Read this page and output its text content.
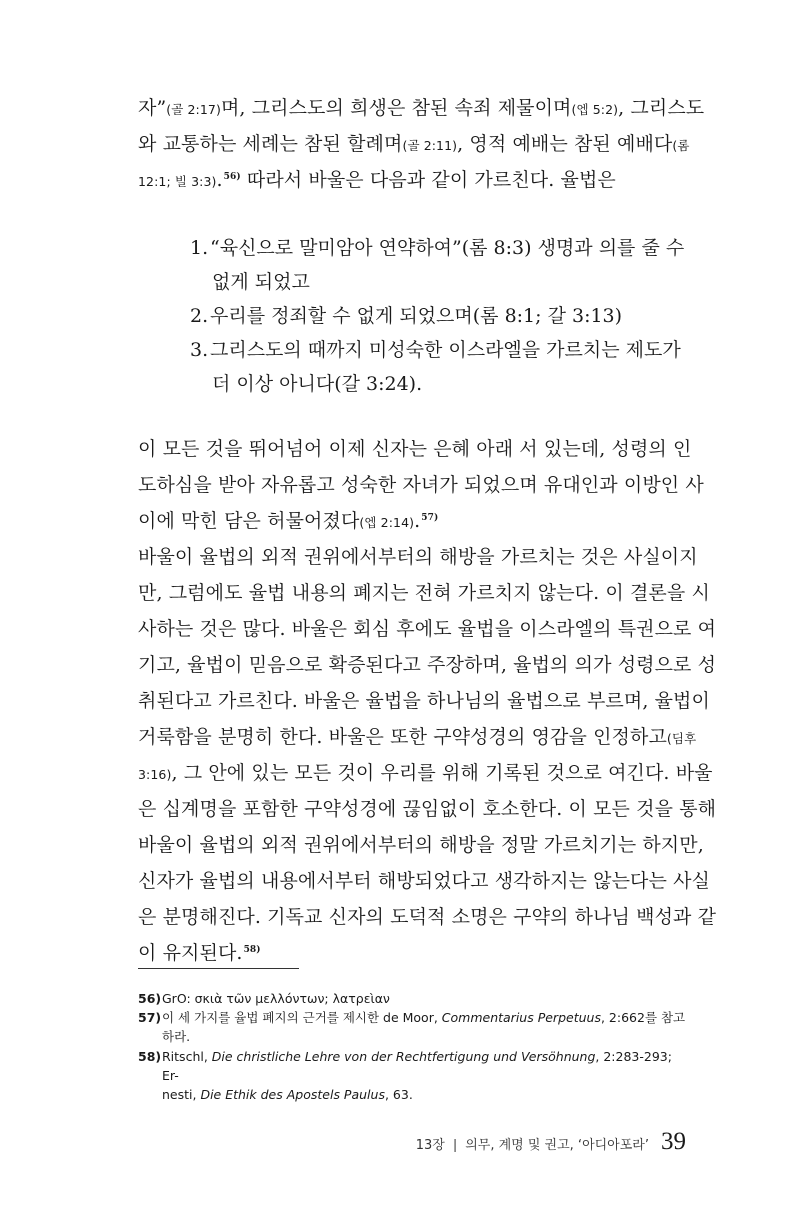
자”(골 2:17)며, 그리스도의 희생은 참된 속죄 제물이며(엡 5:2), 그리스도
와 교통하는 세례는 참된 할례며(골 2:11), 영적 예배는 참된 예배다(롬
12:1; 빌 3:3).$^{56)}$ 따라서 바울은 다음과 같이 가르친다. 율법은
1.“육신으로 말미암아 연약하여”(롬 8:3) 생명과 의를 줄 수
없게 되었고
2.우리를 정죄할 수 없게 되었으며(롬 8:1; 갈 3:13)
3.그리스도의 때까지 미성숙한 이스라엘을 가르치는 제도가
더 이상 아니다(갈 3:24).
이 모든 것을 뛰어넘어 이제 신자는 은혜 아래 서 있는데, 성령의 인
도하심을 받아 자유롭고 성숙한 자녀가 되었으며 유대인과 이방인 사
이에 막힌 담은 허물어졌다(엡 2:14).$^{57)}$
바울이 율법의 외적 권위에서부터의 해방을 가르치는 것은 사실이지
만, 그럼에도 율법 내용의 폐지는 전혀 가르치지 않는다. 이 결론을 시
사하는 것은 많다. 바울은 회심 후에도 율법을 이스라엘의 특권으로 여
기고, 율법이 믿음으로 확증된다고 주장하며, 율법의 의가 성령으로 성
취된다고 가르친다. 바울은 율법을 하나님의 율법으로 부르며, 율법이
거룩함을 분명히 한다. 바울은 또한 구약성경의 영감을 인정하고(딤후
3:16), 그 안에 있는 모든 것이 우리를 위해 기록된 것으로 여긴다. 바울
은 십계명을 포함한 구약성경에 끊임없이 호소한다. 이 모든 것을 통해
바울이 율법의 외적 권위에서부터의 해방을 정말 가르치기는 하지만,
신자가 율법의 내용에서부터 해방되었다고 생각하지는 않는다는 사실
은 분명해진다. 기독교 신자의 도덕적 소명은 구약의 하나님 백성과 같
이 유지된다.$^{58)}$
56) GrO: σκιὰ τῶν μελλόντων; λατρεὶαν
57) 이 세 가지를 율법 폐지의 근거를 제시한 de Moor, Commentarius Perpetuus, 2:662를 참고
하라.
58) Ritschl, Die christliche Lehre von der Rechtfertigung und Versöhnung, 2:283-293; Er-
nesti, Die Ethik des Apostels Paulus, 63.
13장 | 의무, 계명 및 권고, ‘아디아포라’ 39
